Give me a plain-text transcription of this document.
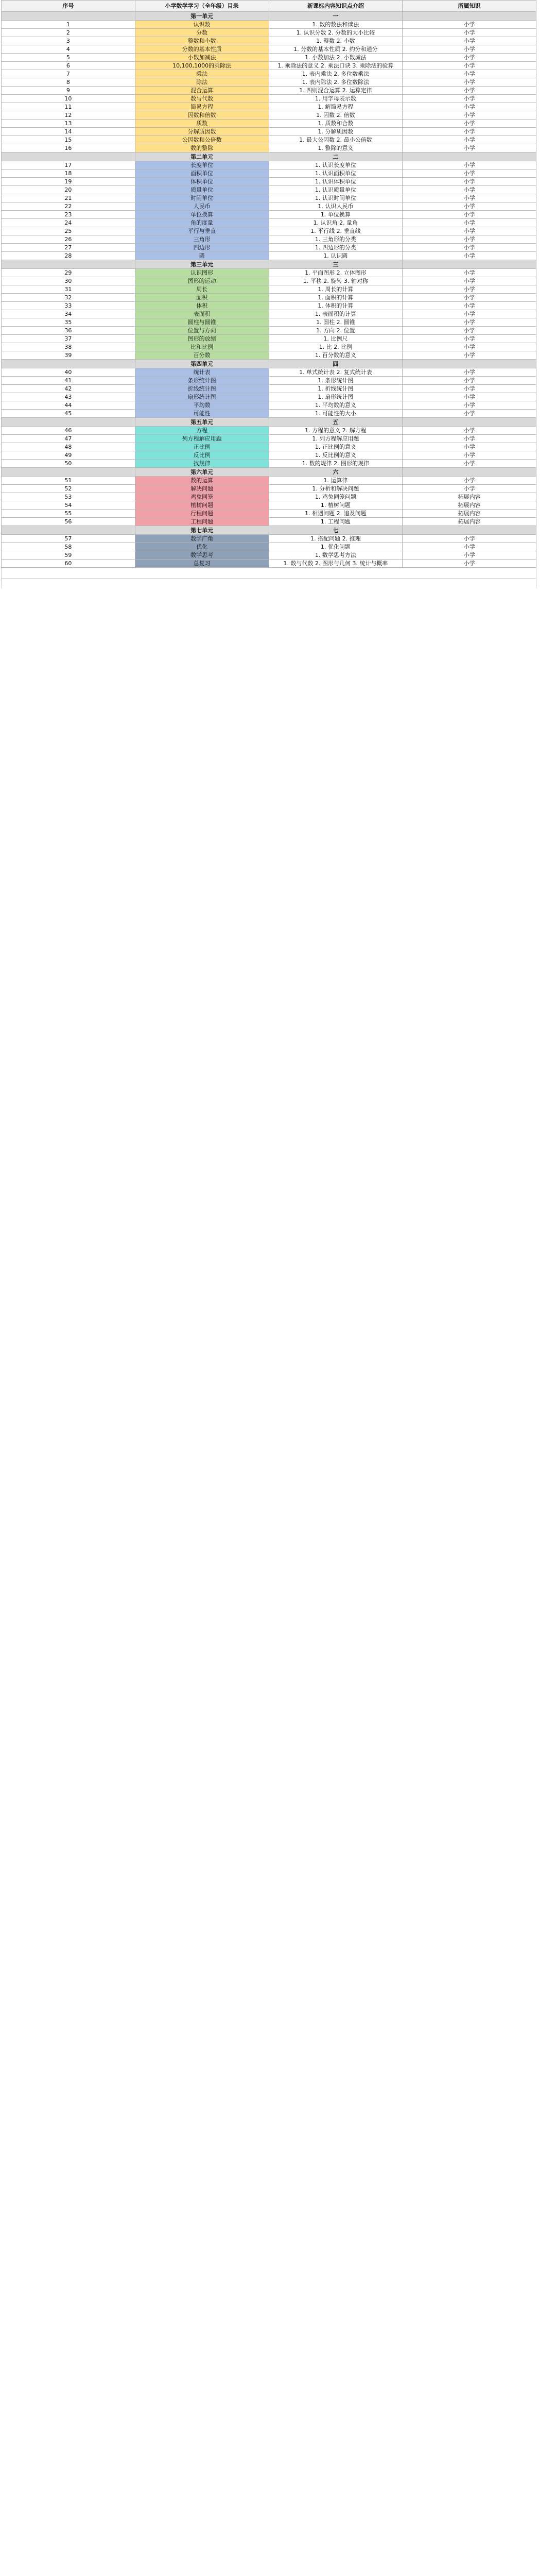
序号	小学数学学习（全年级）目录	新课标内容知识点介绍	所属知识
	第一单元	一	
1	认识数	1. 数的数法和读法	小学
2	分数	1. 认识分数 2. 分数的大小比较	小学
3	整数和小数	1. 整数 2. 小数	小学
4	分数的基本性质	1. 分数的基本性质 2. 约分和通分	小学
5	小数加减法	1. 小数加法 2. 小数减法	小学
6	10,100,1000的乘除法	1. 乘除法的意义 2. 乘法口诀 3. 乘除法的验算	小学
7	乘法	1. 表内乘法 2. 多位数乘法	小学
8	除法	1. 表内除法 2. 多位数除法	小学
9	混合运算	1. 四则混合运算 2. 运算定律	小学
10	数与代数	1. 用字母表示数	小学
11	简易方程	1. 解简易方程	小学
12	因数和倍数	1. 因数 2. 倍数	小学
13	质数	1. 质数和合数	小学
14	分解质因数	1. 分解质因数	小学
15	公因数和公倍数	1. 最大公因数 2. 最小公倍数	小学
16	数的整除	1. 整除的意义	小学
	第二单元	二	
17	长度单位	1. 认识长度单位	小学
18	面积单位	1. 认识面积单位	小学
19	体积单位	1. 认识体积单位	小学
20	质量单位	1. 认识质量单位	小学
21	时间单位	1. 认识时间单位	小学
22	人民币	1. 认识人民币	小学
23	单位换算	1. 单位换算	小学
24	角的度量	1. 认识角 2. 量角	小学
25	平行与垂直	1. 平行线 2. 垂直线	小学
26	三角形	1. 三角形的分类	小学
27	四边形	1. 四边形的分类	小学
28	圆	1. 认识圆	小学
	第三单元	三	
29	认识图形	1. 平面图形 2. 立体图形	小学
30	图形的运动	1. 平移 2. 旋转 3. 轴对称	小学
31	周长	1. 周长的计算	小学
32	面积	1. 面积的计算	小学
33	体积	1. 体积的计算	小学
34	表面积	1. 表面积的计算	小学
35	圆柱与圆锥	1. 圆柱 2. 圆锥	小学
36	位置与方向	1. 方向 2. 位置	小学
37	图形的放缩	1. 比例尺	小学
38	比和比例	1. 比 2. 比例	小学
39	百分数	1. 百分数的意义	小学
	第四单元	四	
40	统计表	1. 单式统计表 2. 复式统计表	小学
41	条形统计图	1. 条形统计图	小学
42	折线统计图	1. 折线统计图	小学
43	扇形统计图	1. 扇形统计图	小学
44	平均数	1. 平均数的意义	小学
45	可能性	1. 可能性的大小	小学
	第五单元	五	
46	方程	1. 方程的意义 2. 解方程	小学
47	列方程解应用题	1. 列方程解应用题	小学
48	正比例	1. 正比例的意义	小学
49	反比例	1. 反比例的意义	小学
50	找规律	1. 数的规律 2. 图形的规律	小学
	第六单元	六	
51	数的运算	1. 运算律	小学
52	解决问题	1. 分析和解决问题	小学
53	鸡兔同笼	1. 鸡兔同笼问题	拓展内容
54	植树问题	1. 植树问题	拓展内容
55	行程问题	1. 相遇问题 2. 追及问题	拓展内容
56	工程问题	1. 工程问题	拓展内容
	第七单元	七	
57	数学广角	1. 搭配问题 2. 推理	小学
58	优化	1. 优化问题	小学
59	数学思考	1. 数学思考方法	小学
60	总复习	1. 数与代数 2. 图形与几何 3. 统计与概率	小学
